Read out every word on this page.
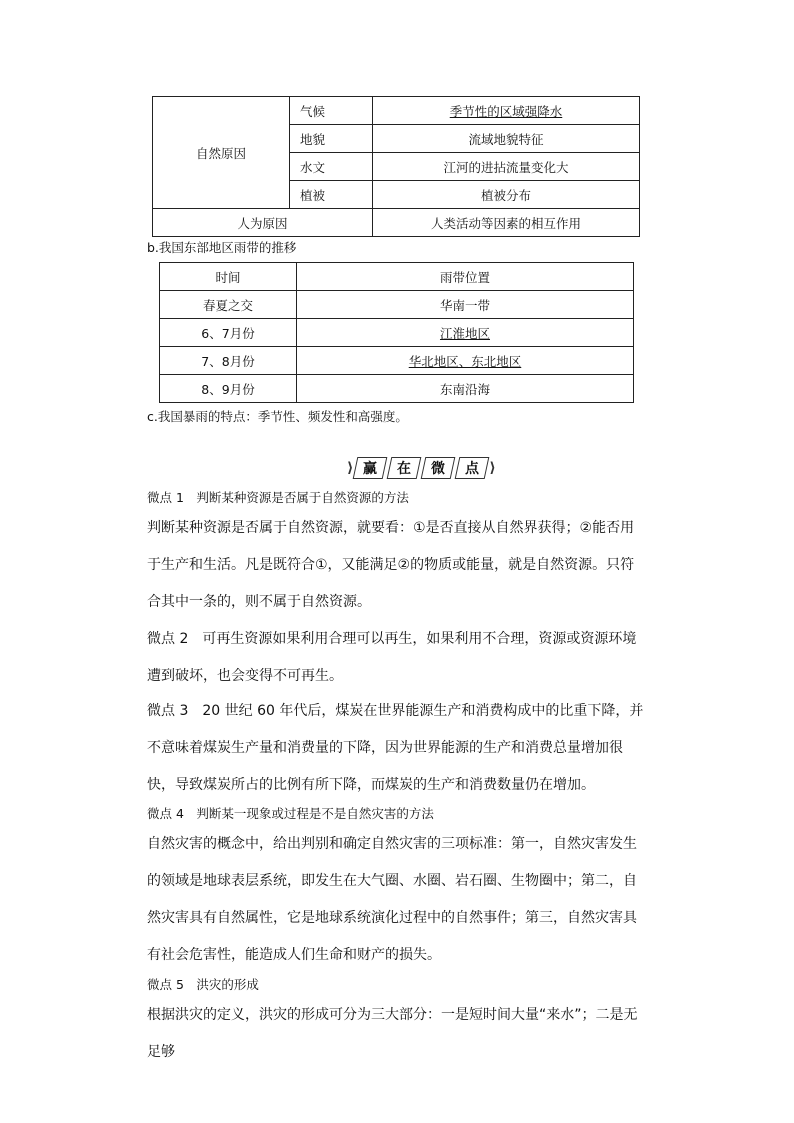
自然原因	气候	季节性的区域强降水
	地貌	流域地貌特征
	水文	江河的进拈流量变化大
	植被	植被分布
人为原因		人类活动等因素的相互作用
b.我国东部地区雨带的推移
时间	雨带位置
春夏之交	华南一带
6、7月份	江淮地区
7、8月份	华北地区、东北地区
8、9月份	东南沿海
c.我国暴雨的特点：季节性、频发性和高强度。
⟩ 赢 在 微 点 ⟩
微点 1　判断某种资源是否属于自然资源的方法

判断某种资源是否属于自然资源，就要看：①是否直接从自然界获得；②能否用于生产和生活。凡是既符合①，又能满足②的物质或能量，就是自然资源。只符合其中一条的，则不属于自然资源。

微点 2　可再生资源如果利用合理可以再生，如果利用不合理，资源或资源环境遭到破坏，也会变得不可再生。

微点 3　20 世纪 60 年代后，煤炭在世界能源生产和消费构成中的比重下降，并不意味着煤炭生产量和消费量的下降，因为世界能源的生产和消费总量增加很快，导致煤炭所占的比例有所下降，而煤炭的生产和消费数量仍在增加。

微点 4　判断某一现象或过程是不是自然灾害的方法

自然灾害的概念中，给出判别和确定自然灾害的三项标准：第一，自然灾害发生的领域是地球表层系统，即发生在大气圈、水圈、岩石圈、生物圈中；第二，自然灾害具有自然属性，它是地球系统演化过程中的自然事件；第三，自然灾害具有社会危害性，能造成人们生命和财产的损失。

微点 5　洪灾的形成

根据洪灾的定义，洪灾的形成可分为三大部分：一是短时间大量“来水”；二是无足够
